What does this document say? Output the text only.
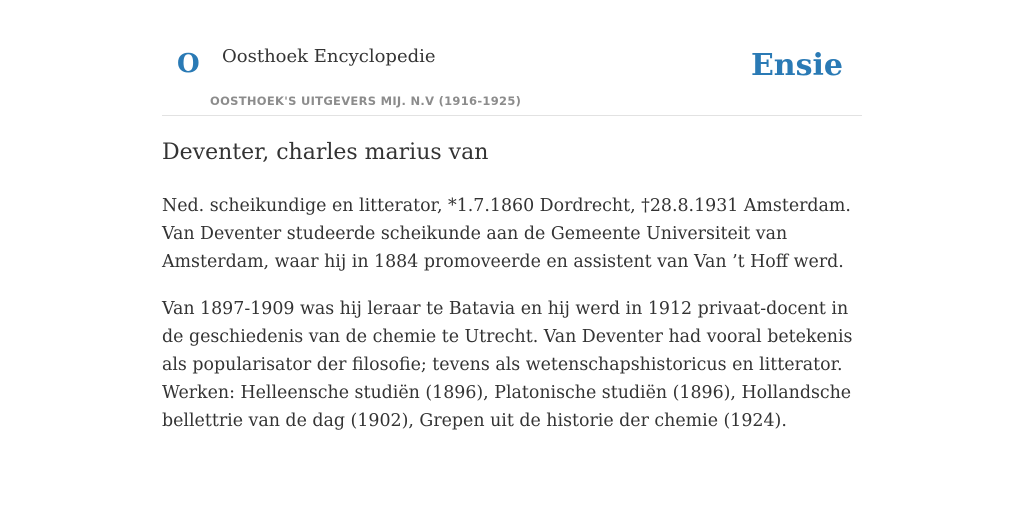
O Oosthoek Encyclopedie
OOSTHOEK'S UITGEVERS MIJ. N.V (1916-1925)
Ensie
Deventer, charles marius van

Ned. scheikundige en litterator, *1.7.1860 Dordrecht, †28.8.1931 Amsterdam. Van Deventer studeerde scheikunde aan de Gemeente Universiteit van Amsterdam, waar hij in 1884 promoveerde en assistent van Van ’t Hoff werd.

Van 1897-1909 was hij leraar te Batavia en hij werd in 1912 privaat-docent in de geschiedenis van de chemie te Utrecht. Van Deventer had vooral betekenis als popularisator der filosofie; tevens als wetenschapshistoricus en litterator. Werken: Helleensche studiën (1896), Platonische studiën (1896), Hollandsche bellettrie van de dag (1902), Grepen uit de historie der chemie (1924).
